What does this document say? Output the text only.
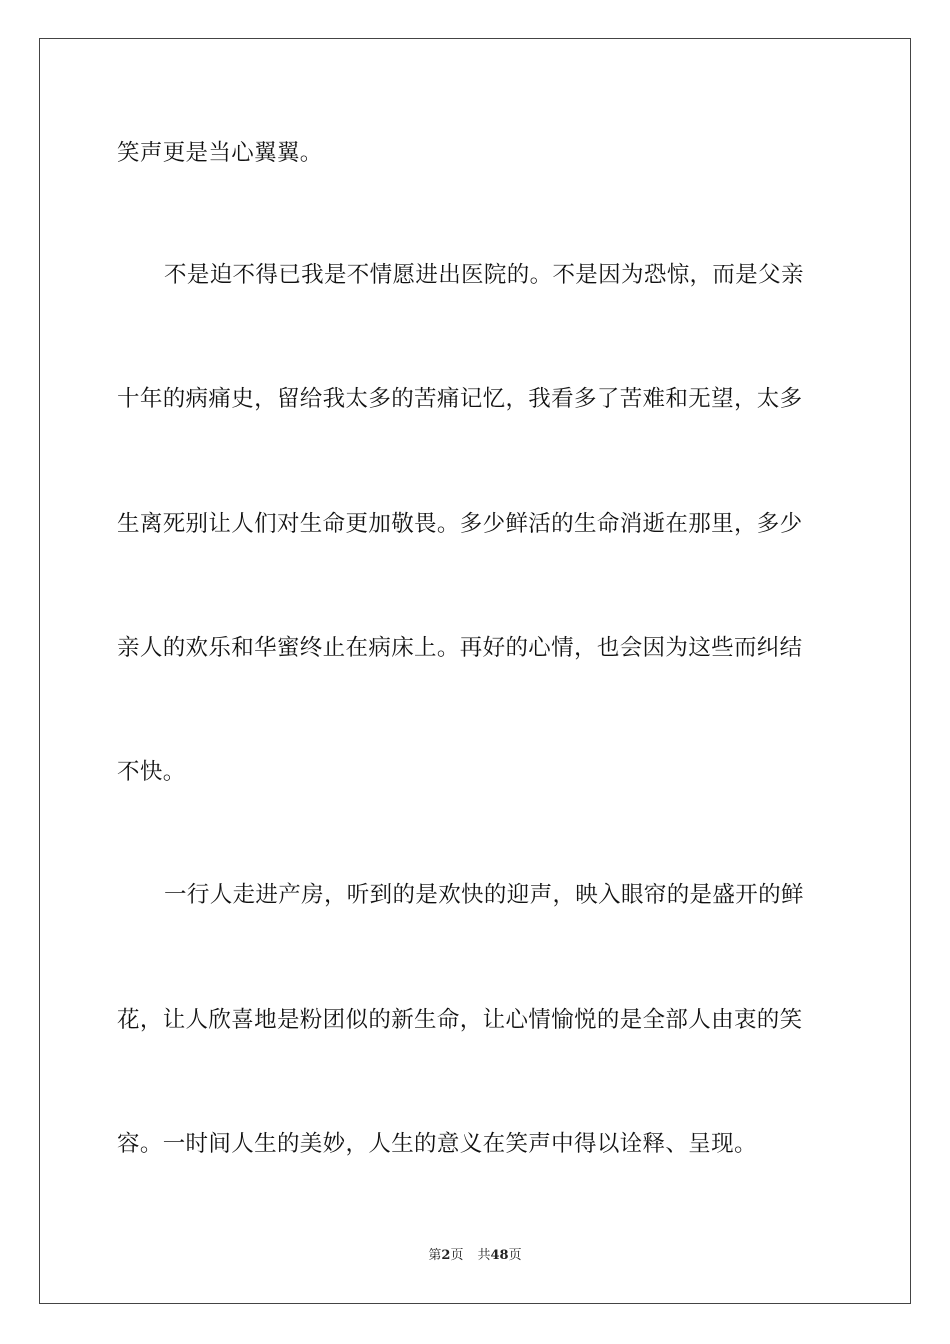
笑声更是当心翼翼。
不是迫不得已我是不情愿进出医院的。不是因为恐惊，而是父亲
十年的病痛史，留给我太多的苦痛记忆，我看多了苦难和无望，太多
生离死别让人们对生命更加敬畏。多少鲜活的生命消逝在那里，多少
亲人的欢乐和华蜜终止在病床上。再好的心情，也会因为这些而纠结
不快。
一行人走进产房，听到的是欢快的迎声，映入眼帘的是盛开的鲜
花，让人欣喜地是粉团似的新生命，让心情愉悦的是全部人由衷的笑
容。一时间人生的美妙，人生的意义在笑声中得以诠释、呈现。
第2页 共48页
